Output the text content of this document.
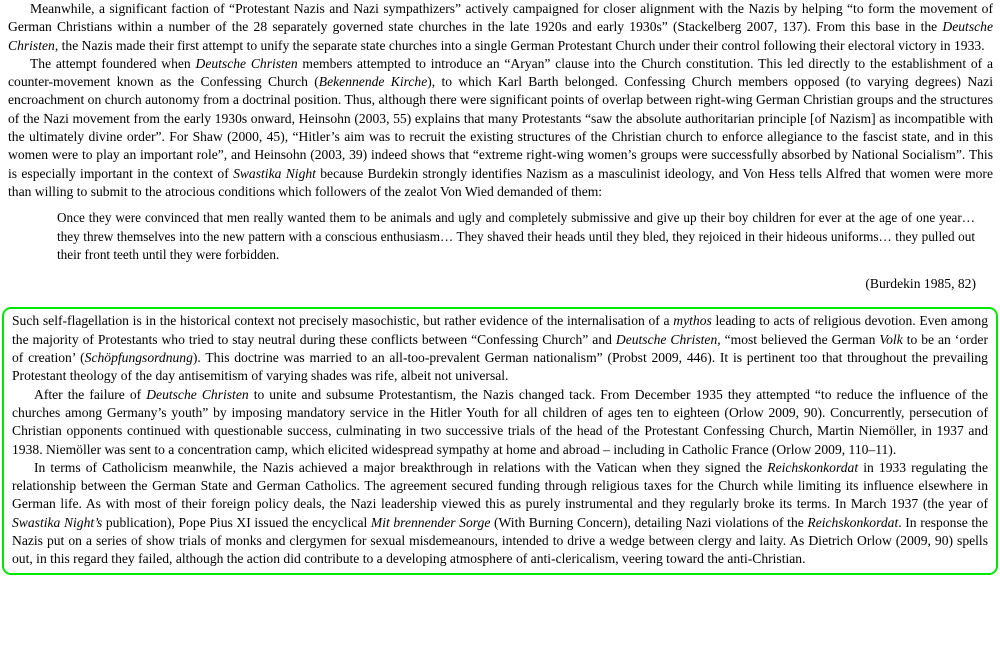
Meanwhile, a significant faction of “Protestant Nazis and Nazi sympathizers” actively campaigned for closer alignment with the Nazis by helping “to form the movement of German Christians within a number of the 28 separately governed state churches in the late 1920s and early 1930s” (Stackelberg 2007, 137). From this base in the Deutsche Christen, the Nazis made their first attempt to unify the separate state churches into a single German Protestant Church under their control following their electoral victory in 1933.

The attempt foundered when Deutsche Christen members attempted to introduce an “Aryan” clause into the Church constitution. This led directly to the establishment of a counter-movement known as the Confessing Church (Bekennende Kirche), to which Karl Barth belonged. Confessing Church members opposed (to varying degrees) Nazi encroachment on church autonomy from a doctrinal position. Thus, although there were significant points of overlap between right-wing German Christian groups and the structures of the Nazi movement from the early 1930s onward, Heinsohn (2003, 55) explains that many Protestants “saw the absolute authoritarian principle [of Nazism] as incompatible with the ultimately divine order”. For Shaw (2000, 45), “Hitler’s aim was to recruit the existing structures of the Christian church to enforce allegiance to the fascist state, and in this women were to play an important role”, and Heinsohn (2003, 39) indeed shows that “extreme right-wing women’s groups were successfully absorbed by National Socialism”. This is especially important in the context of Swastika Night because Burdekin strongly identifies Nazism as a masculinist ideology, and Von Hess tells Alfred that women were more than willing to submit to the atrocious conditions which followers of the zealot Von Wied demanded of them:

Once they were convinced that men really wanted them to be animals and ugly and completely submissive and give up their boy children for ever at the age of one year… they threw themselves into the new pattern with a conscious enthusiasm… They shaved their heads until they bled, they rejoiced in their hideous uniforms… they pulled out their front teeth until they were forbidden.

(Burdekin 1985, 82)

Such self-flagellation is in the historical context not precisely masochistic, but rather evidence of the internalisation of a mythos leading to acts of religious devotion. Even among the majority of Protestants who tried to stay neutral during these conflicts between “Confessing Church” and Deutsche Christen, “most believed the German Volk to be an ‘order of creation’ (Schöpfungsordnung). This doctrine was married to an all-too-prevalent German nationalism” (Probst 2009, 446). It is pertinent too that throughout the prevailing Protestant theology of the day antisemitism of varying shades was rife, albeit not universal.

After the failure of Deutsche Christen to unite and subsume Protestantism, the Nazis changed tack. From December 1935 they attempted “to reduce the influence of the churches among Germany’s youth” by imposing mandatory service in the Hitler Youth for all children of ages ten to eighteen (Orlow 2009, 90). Concurrently, persecution of Christian opponents continued with questionable success, culminating in two successive trials of the head of the Protestant Confessing Church, Martin Niemöller, in 1937 and 1938. Niemöller was sent to a concentration camp, which elicited widespread sympathy at home and abroad – including in Catholic France (Orlow 2009, 110–11).

In terms of Catholicism meanwhile, the Nazis achieved a major breakthrough in relations with the Vatican when they signed the Reichskonkordat in 1933 regulating the relationship between the German State and German Catholics. The agreement secured funding through religious taxes for the Church while limiting its influence elsewhere in German life. As with most of their foreign policy deals, the Nazi leadership viewed this as purely instrumental and they regularly broke its terms. In March 1937 (the year of Swastika Night’s publication), Pope Pius XI issued the encyclical Mit brennender Sorge (With Burning Concern), detailing Nazi violations of the Reichskonkordat. In response the Nazis put on a series of show trials of monks and clergymen for sexual misdemeanours, intended to drive a wedge between clergy and laity. As Dietrich Orlow (2009, 90) spells out, in this regard they failed, although the action did contribute to a developing atmosphere of anti-clericalism, veering toward the anti-Christian.
